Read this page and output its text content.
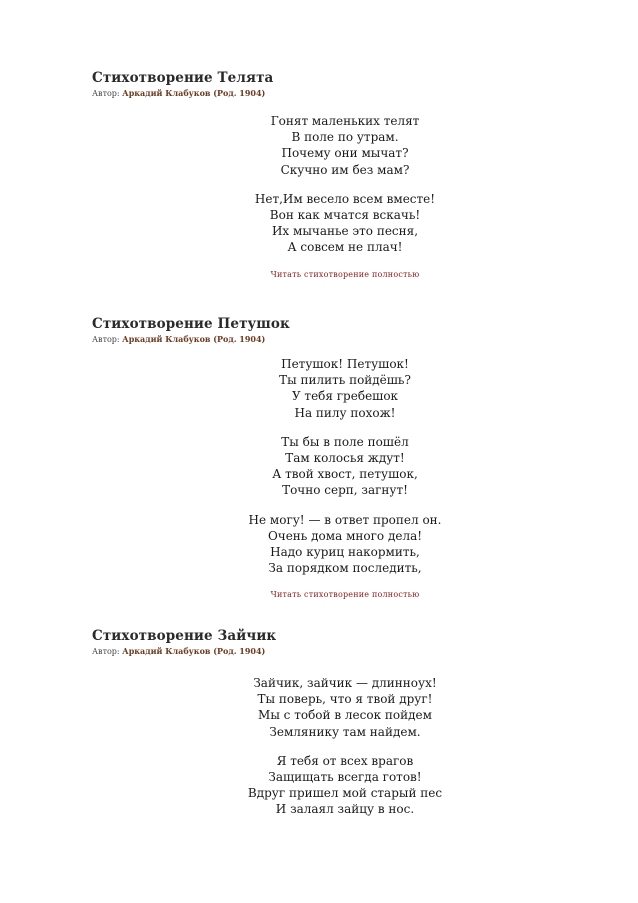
Стихотворение Телята
Автор: Аркадий Клабуков (Род. 1904)

Гонят маленьких телят
В поле по утрам.
Почему они мычат?
Скучно им без мам?

Нет,Им весело всем вместе!
Вон как мчатся вскачь!
Их мычанье это песня,
А совсем не плач!

Читать стихотворение полностью
Стихотворение Петушок
Автор: Аркадий Клабуков (Род. 1904)

Петушок! Петушок!
Ты пилить пойдёшь?
У тебя гребешок
На пилу похож!

Ты бы в поле пошёл
Там колосья ждут!
А твой хвост, петушок,
Точно серп, загнут!

Не могу! — в ответ пропел он.
Очень дома много дела!
Надо куриц накормить,
За порядком последить,

Читать стихотворение полностью
Стихотворение Зайчик
Автор: Аркадий Клабуков (Род. 1904)

Зайчик, зайчик — длинноух!
Ты поверь, что я твой друг!
Мы с тобой в лесок пойдем
Землянику там найдем.

Я тебя от всех врагов
Защищать всегда готов!
Вдруг пришел мой старый пес
И залаял зайцу в нос.
